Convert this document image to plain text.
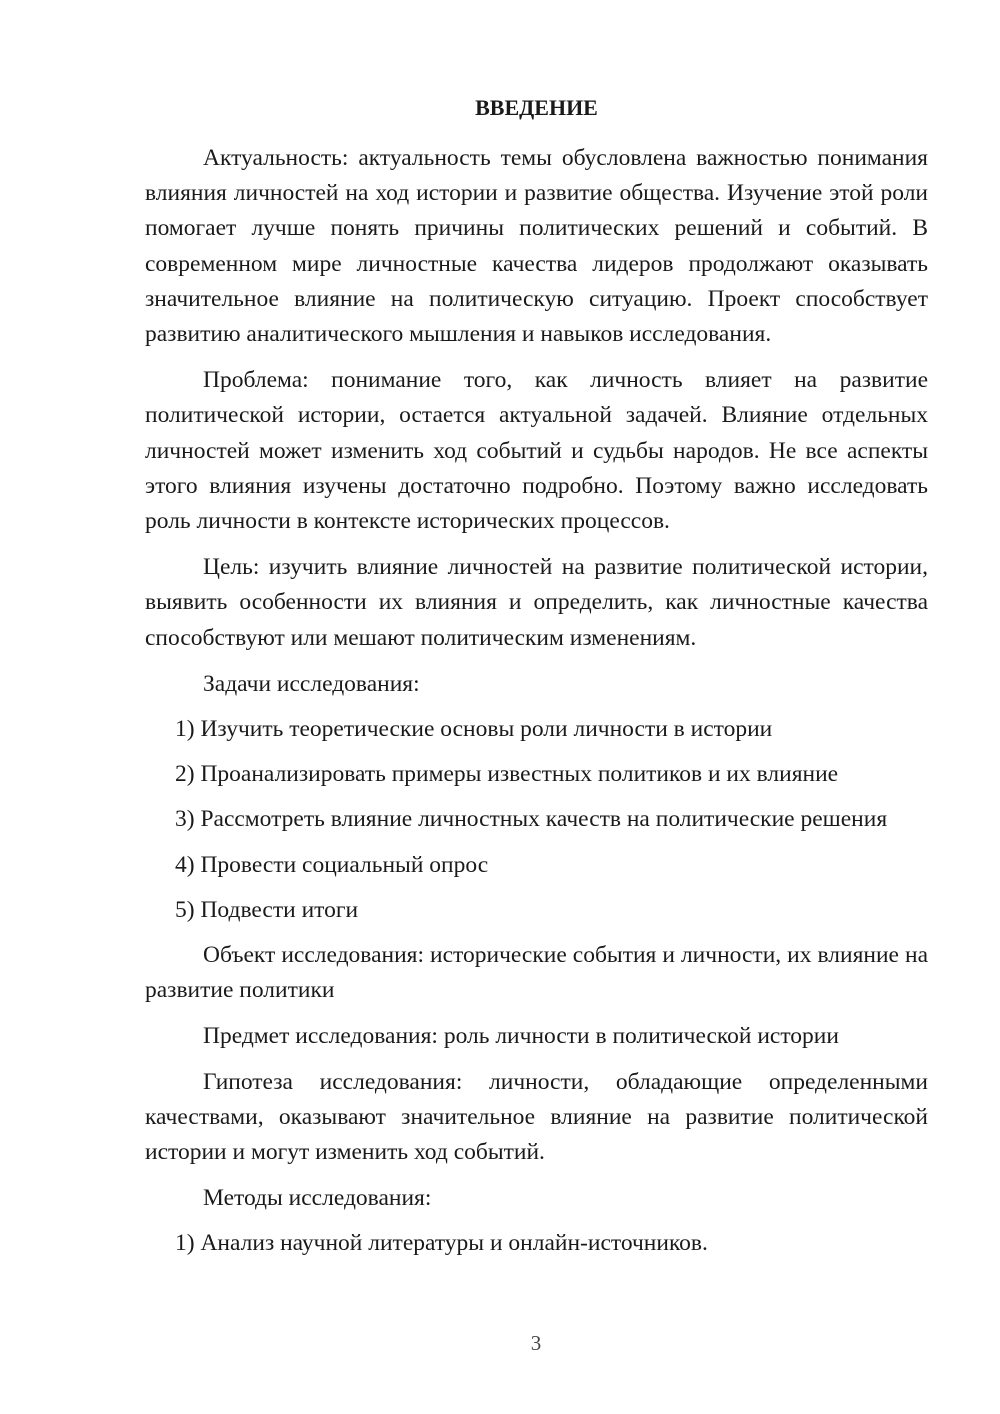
ВВЕДЕНИЕ

Актуальность: актуальность темы обусловлена важностью понимания влияния личностей на ход истории и развитие общества. Изучение этой роли помогает лучше понять причины политических решений и событий. В современном мире личностные качества лидеров продолжают оказывать значительное влияние на политическую ситуацию. Проект способствует развитию аналитического мышления и навыков исследования.

Проблема: понимание того, как личность влияет на развитие политической истории, остается актуальной задачей. Влияние отдельных личностей может изменить ход событий и судьбы народов. Не все аспекты этого влияния изучены достаточно подробно. Поэтому важно исследовать роль личности в контексте исторических процессов.

Цель: изучить влияние личностей на развитие политической истории, выявить особенности их влияния и определить, как личностные качества способствуют или мешают политическим изменениям.

Задачи исследования:

1) Изучить теоретические основы роли личности в истории

2) Проанализировать примеры известных политиков и их влияние

3) Рассмотреть влияние личностных качеств на политические решения

4) Провести социальный опрос

5) Подвести итоги

Объект исследования: исторические события и личности, их влияние на развитие политики

Предмет исследования: роль личности в политической истории

Гипотеза исследования: личности, обладающие определенными качествами, оказывают значительное влияние на развитие политической истории и могут изменить ход событий.

Методы исследования:

1) Анализ научной литературы и онлайн-источников.

3
